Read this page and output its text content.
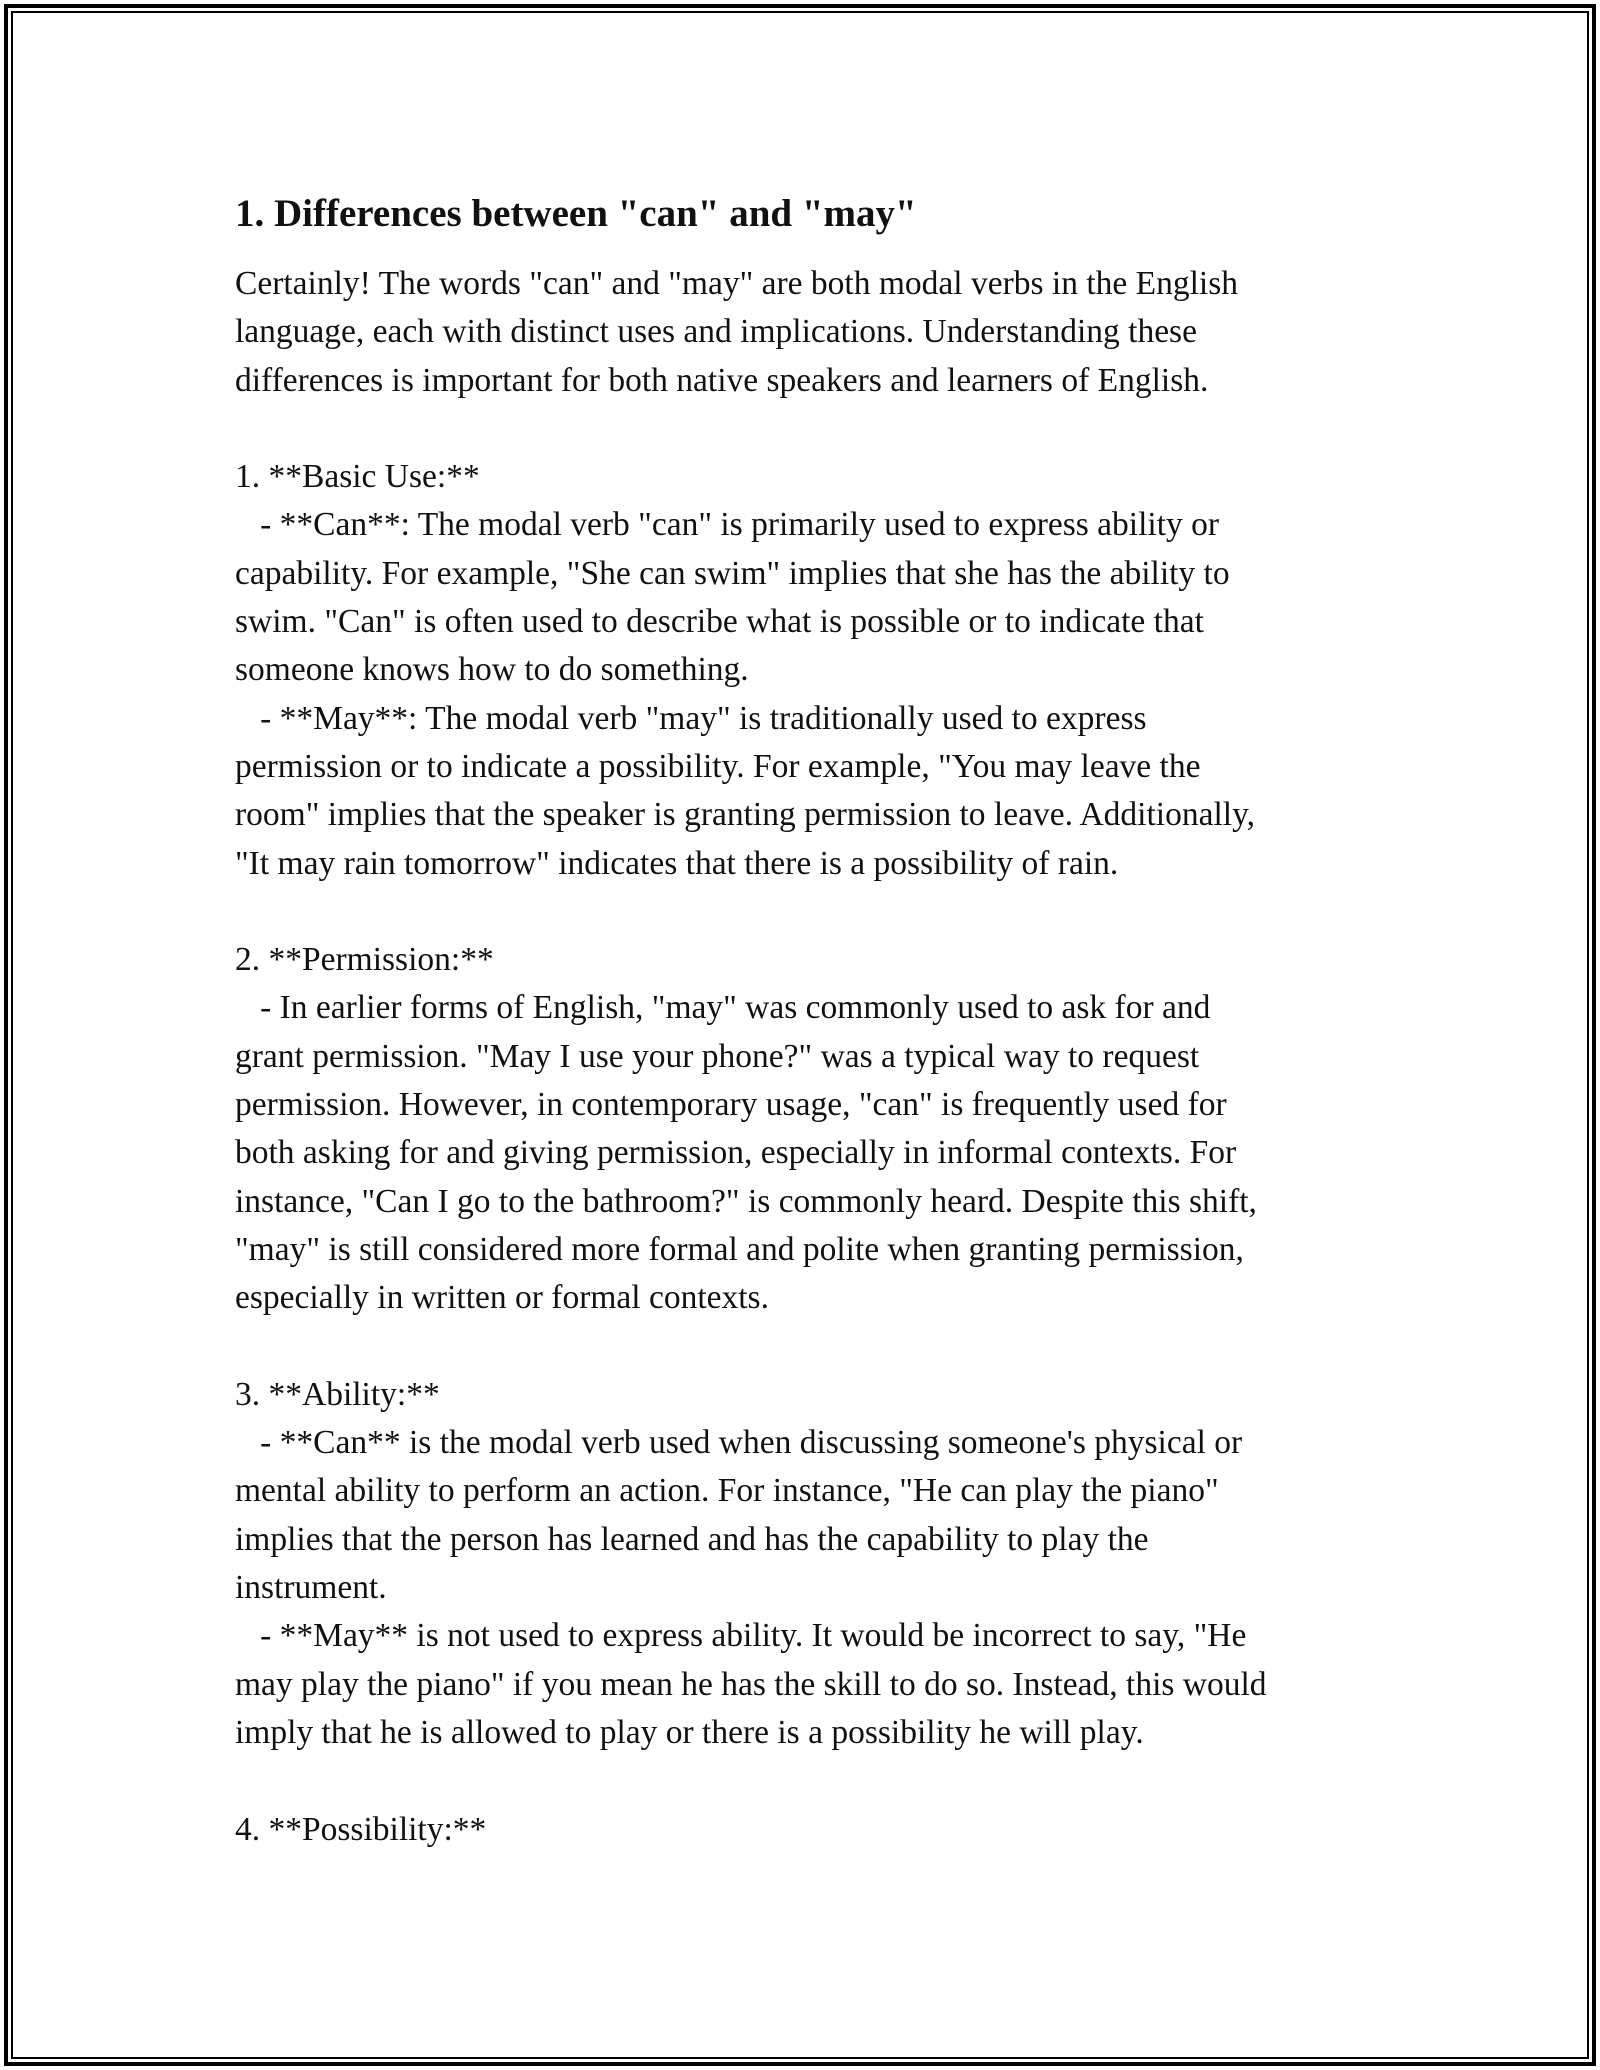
1. Differences between "can" and "may"

Certainly! The words "can" and "may" are both modal verbs in the English
language, each with distinct uses and implications. Understanding these
differences is important for both native speakers and learners of English.

1. **Basic Use:**
- **Can**: The modal verb "can" is primarily used to express ability or
capability. For example, "She can swim" implies that she has the ability to
swim. "Can" is often used to describe what is possible or to indicate that
someone knows how to do something.
- **May**: The modal verb "may" is traditionally used to express
permission or to indicate a possibility. For example, "You may leave the
room" implies that the speaker is granting permission to leave. Additionally,
"It may rain tomorrow" indicates that there is a possibility of rain.

2. **Permission:**
- In earlier forms of English, "may" was commonly used to ask for and
grant permission. "May I use your phone?" was a typical way to request
permission. However, in contemporary usage, "can" is frequently used for
both asking for and giving permission, especially in informal contexts. For
instance, "Can I go to the bathroom?" is commonly heard. Despite this shift,
"may" is still considered more formal and polite when granting permission,
especially in written or formal contexts.

3. **Ability:**
- **Can** is the modal verb used when discussing someone's physical or
mental ability to perform an action. For instance, "He can play the piano"
implies that the person has learned and has the capability to play the
instrument.
- **May** is not used to express ability. It would be incorrect to say, "He
may play the piano" if you mean he has the skill to do so. Instead, this would
imply that he is allowed to play or there is a possibility he will play.

4. **Possibility:**
